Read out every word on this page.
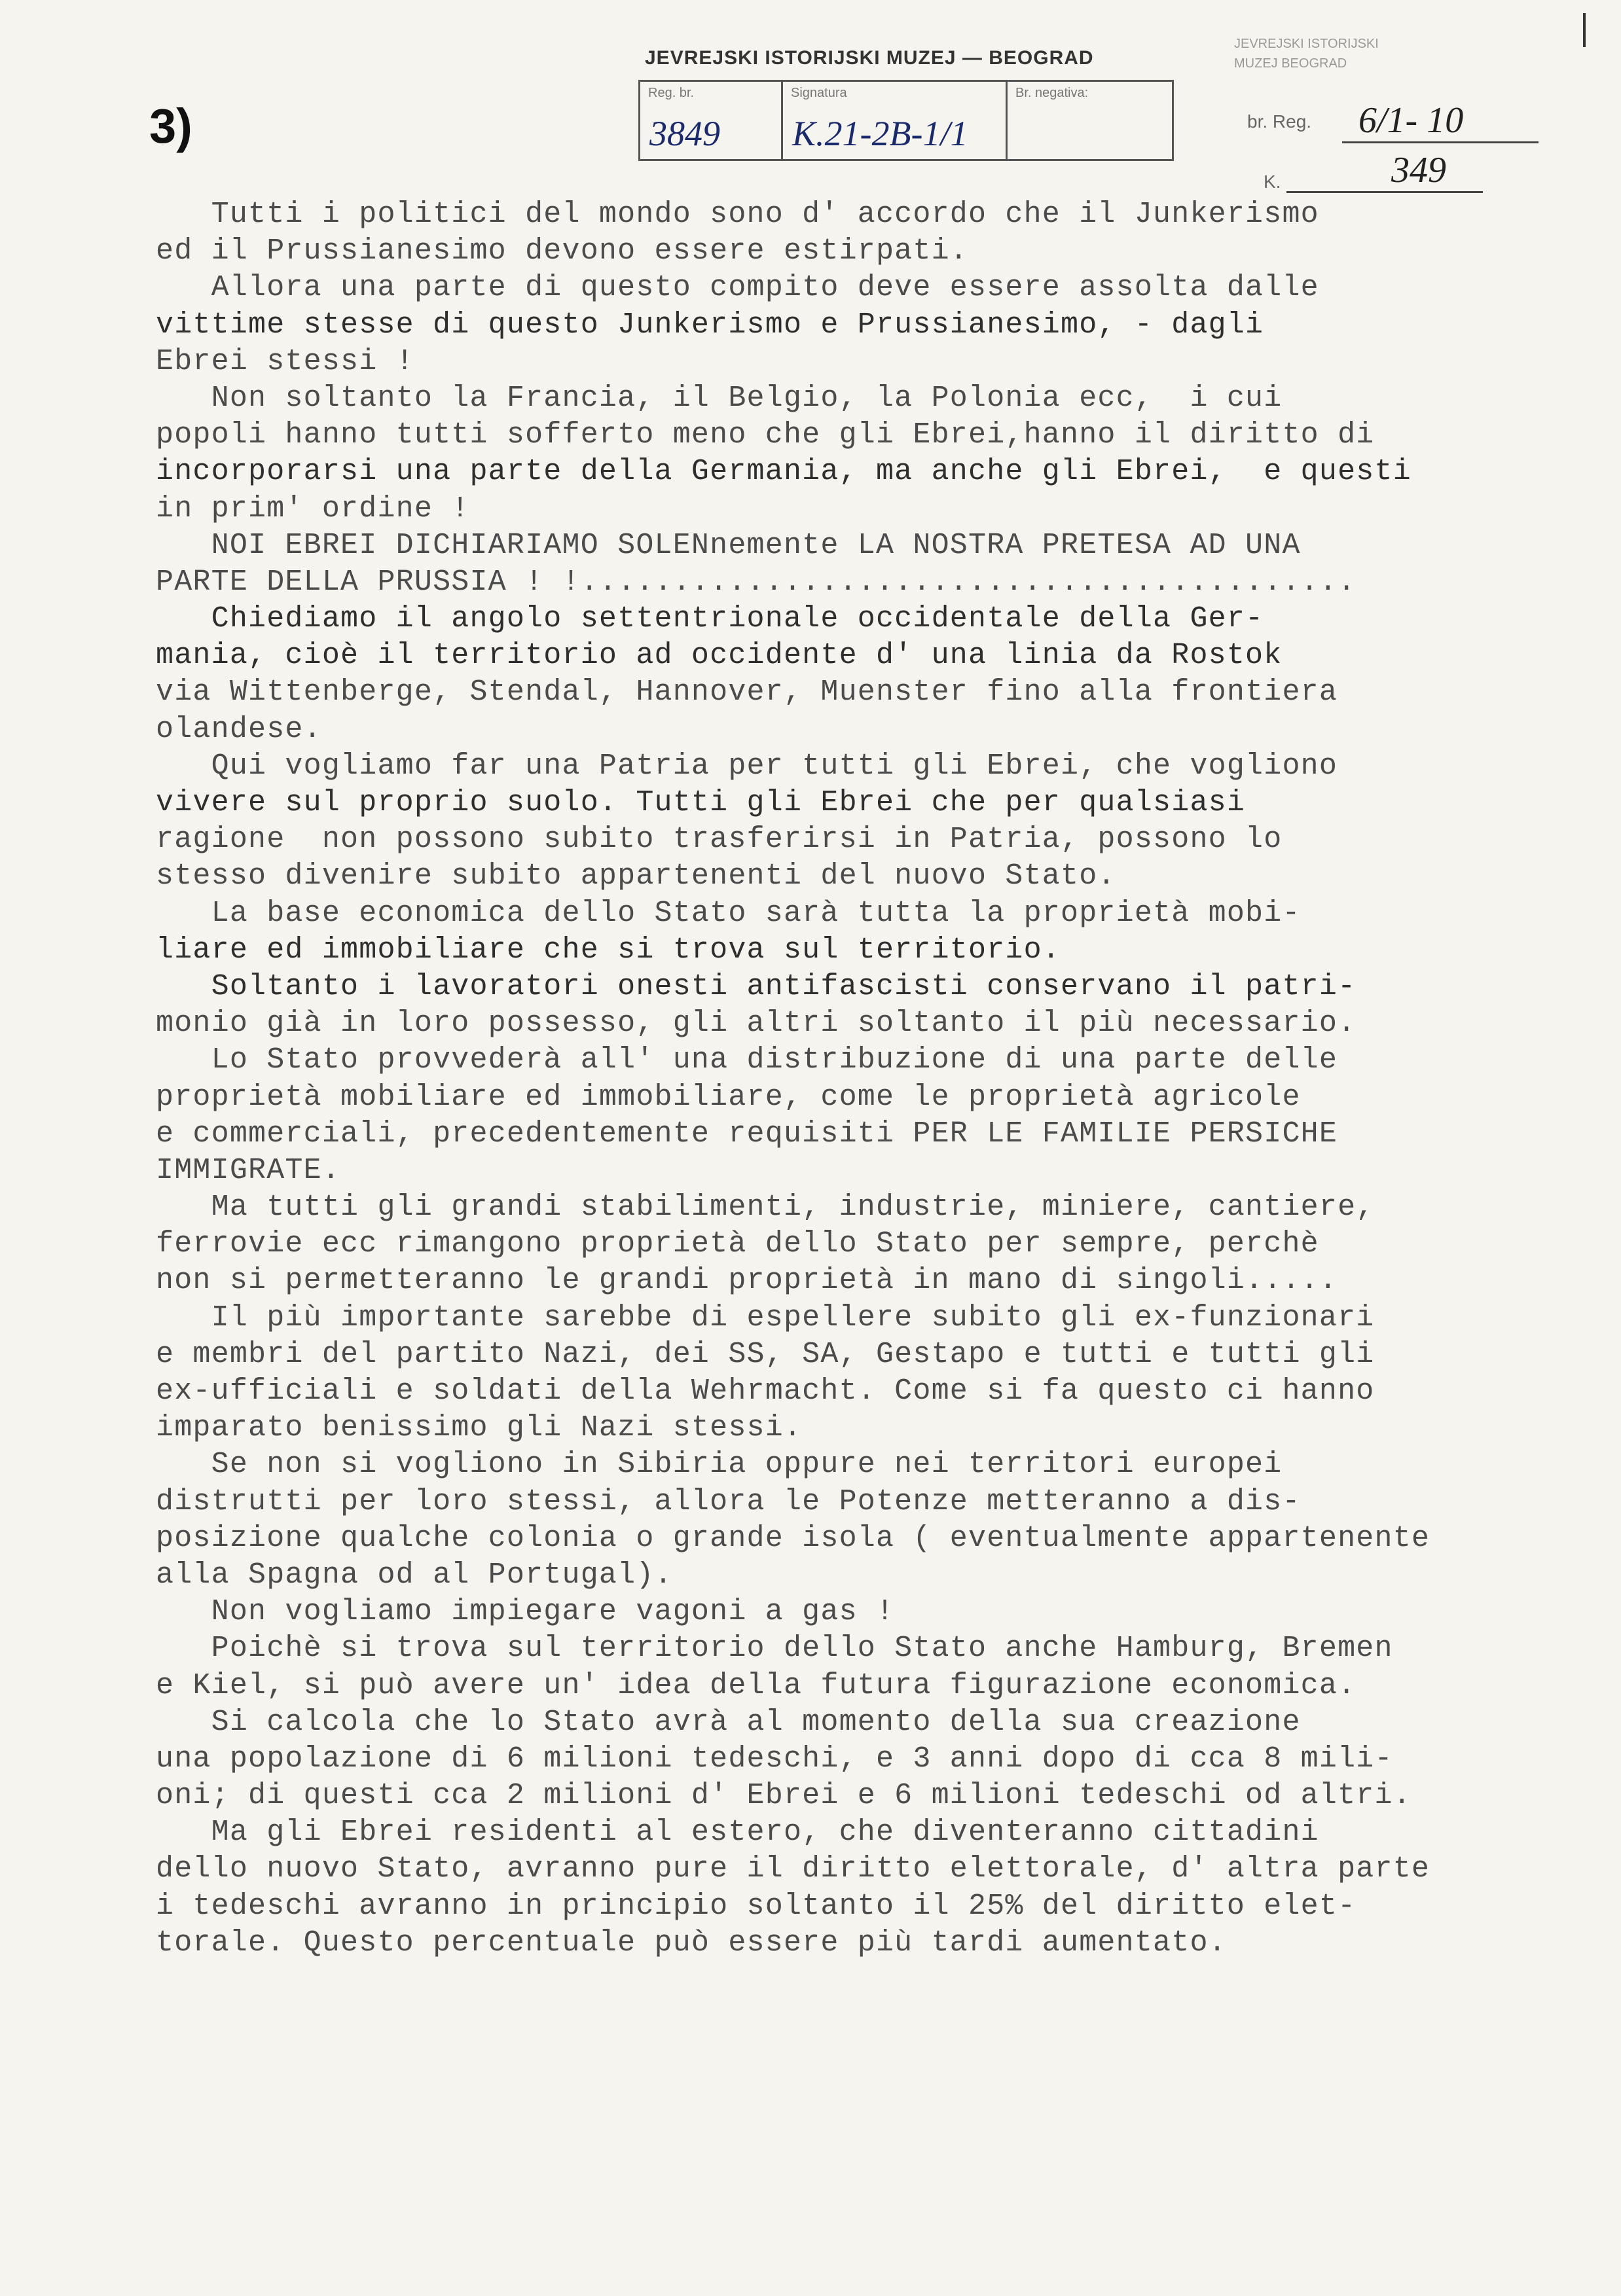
3)
JEVREJSKI ISTORIJSKI MUZEJ — BEOGRAD
Reg. br.
3849
Signatura
K.21-2B-1/1
Br. negativa:
JEVREJSKI ISTORIJSKI
MUZEJ BEOGRAD
br. Reg. 6/1- 10
K.	349
Tutti i politici del mondo sono d' accordo che il Junkerismo
ed il Prussianesimo devono essere estirpati.
Allora una parte di questo compito deve essere assolta dalle
vittime stesse di questo Junkerismo e Prussianesimo, - dagli
Ebrei stessi !
Non soltanto la Francia, il Belgio, la Polonia ecc,  i cui
popoli hanno tutti sofferto meno che gli Ebrei,hanno il diritto di
incorporarsi una parte della Germania, ma anche gli Ebrei,  e questi
in prim' ordine !
NOI EBREI DICHIARIAMO SOLENnemente LA NOSTRA PRETESA AD UNA
PARTE DELLA PRUSSIA ! !..........................................
Chiediamo il angolo settentrionale occidentale della Ger-
mania, cioè il territorio ad occidente d' una linia da Rostok
via Wittenberge, Stendal, Hannover, Muenster fino alla frontiera
olandese.
Qui vogliamo far una Patria per tutti gli Ebrei, che vogliono
vivere sul proprio suolo. Tutti gli Ebrei che per qualsiasi
ragione  non possono subito trasferirsi in Patria, possono lo
stesso divenire subito appartenenti del nuovo Stato.
La base economica dello Stato sarà tutta la proprietà mobi-
liare ed immobiliare che si trova sul territorio.
Soltanto i lavoratori onesti antifascisti conservano il patri-
monio già in loro possesso, gli altri soltanto il più necessario.
Lo Stato provvederà all' una distribuzione di una parte delle
proprietà mobiliare ed immobiliare, come le proprietà agricole
e commerciali, precedentemente requisiti PER LE FAMILIE PERSICHE
IMMIGRATE.
Ma tutti gli grandi stabilimenti, industrie, miniere, cantiere,
ferrovie ecc rimangono proprietà dello Stato per sempre, perchè
non si permetteranno le grandi proprietà in mano di singoli.....
Il più importante sarebbe di espellere subito gli ex-funzionari
e membri del partito Nazi, dei SS, SA, Gestapo e tutti e tutti gli
ex-ufficiali e soldati della Wehrmacht. Come si fa questo ci hanno
imparato benissimo gli Nazi stessi.
Se non si vogliono in Sibiria oppure nei territori europei
distrutti per loro stessi, allora le Potenze metteranno a dis-
posizione qualche colonia o grande isola ( eventualmente appartenente
alla Spagna od al Portugal).
Non vogliamo impiegare vagoni a gas !
Poichè si trova sul territorio dello Stato anche Hamburg, Bremen
e Kiel, si può avere un' idea della futura figurazione economica.
Si calcola che lo Stato avrà al momento della sua creazione
una popolazione di 6 milioni tedeschi, e 3 anni dopo di cca 8 mili-
oni; di questi cca 2 milioni d' Ebrei e 6 milioni tedeschi od altri.
Ma gli Ebrei residenti al estero, che diventeranno cittadini
dello nuovo Stato, avranno pure il diritto elettorale, d' altra parte
i tedeschi avranno in principio soltanto il 25% del diritto elet-
torale. Questo percentuale può essere più tardi aumentato.
